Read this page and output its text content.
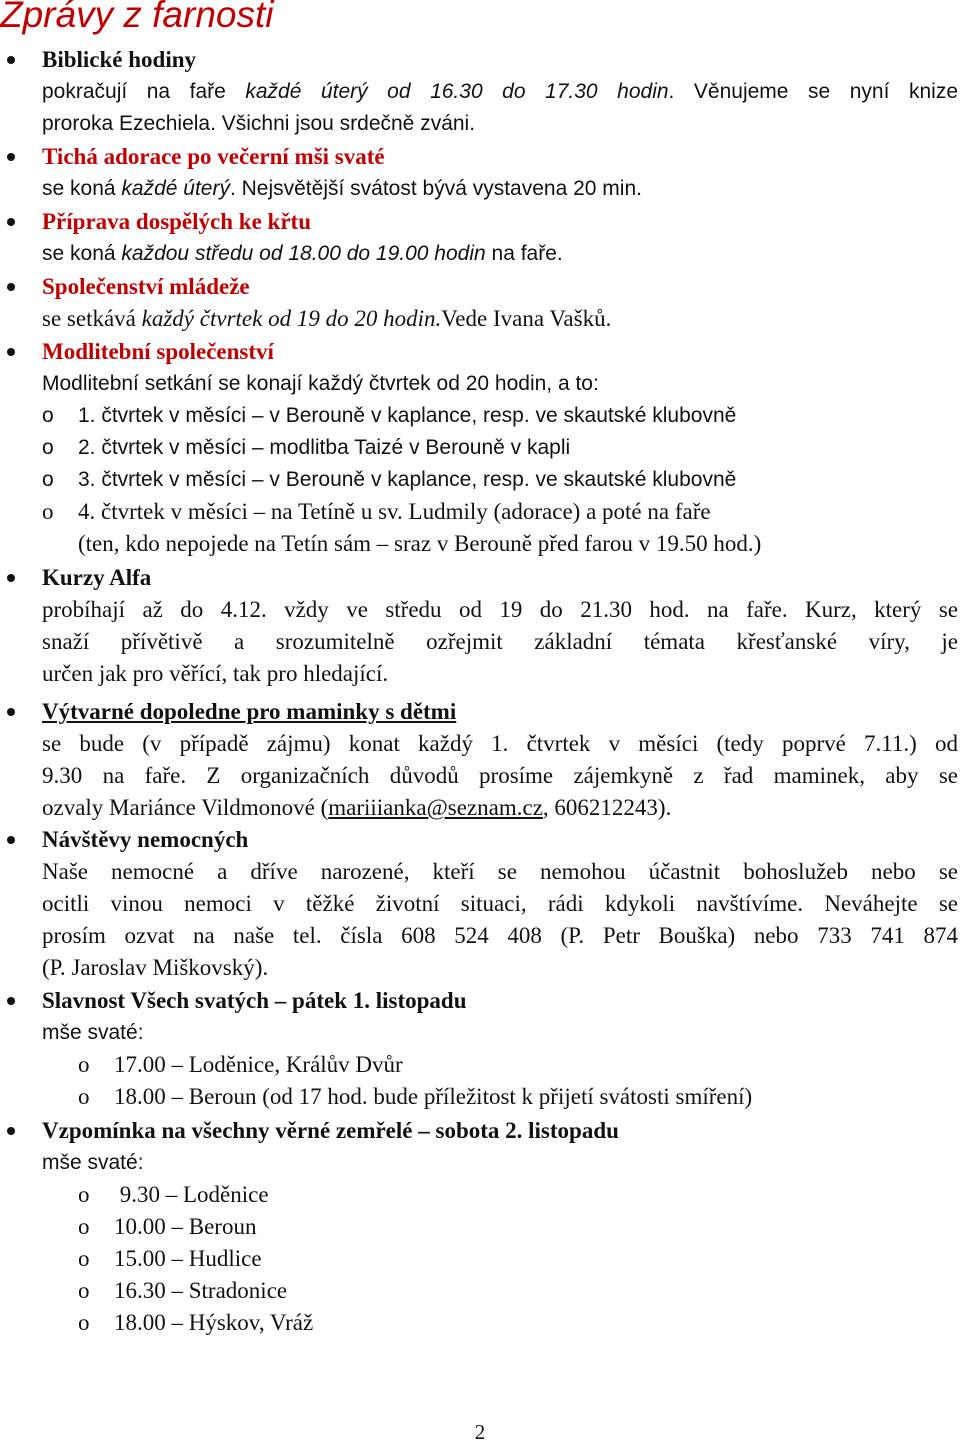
Zprávy z farnosti
Biblické hodiny
pokračují na faře každé úterý od 16.30 do 17.30 hodin. Věnujeme se nyní knize
proroka Ezechiela. Všichni jsou srdečně zváni.
Tichá adorace po večerní mši svaté
se koná každé úterý. Nejsvětější svátost bývá vystavena 20 min.
Příprava dospělých ke křtu
se koná každou středu od 18.00 do 19.00 hodin na faře.
Společenství mládeže
se setkává každý čtvrtek od 19 do 20 hodin.Vede Ivana Vašků.
Modlitební společenství
Modlitební setkání se konají každý čtvrtek od 20 hodin, a to:
o 1. čtvrtek v měsíci – v Berouně v kaplance, resp. ve skautské klubovně
o 2. čtvrtek v měsíci – modlitba Taizé v Berouně v kapli
o 3. čtvrtek v měsíci – v Berouně v kaplance, resp. ve skautské klubovně
o 4. čtvrtek v měsíci – na Tetíně u sv. Ludmily (adorace) a poté na faře
(ten, kdo nepojede na Tetín sám – sraz v Berouně před farou v 19.50 hod.)
Kurzy Alfa
probíhají až do 4.12. vždy ve středu od 19 do 21.30 hod. na faře. Kurz, který se
snaží přívětivě a srozumitelně ozřejmit základní témata křesťanské víry, je
určen jak pro věřící, tak pro hledající.
Výtvarné dopoledne pro maminky s dětmi
se bude (v případě zájmu) konat každý 1. čtvrtek v měsíci (tedy poprvé 7.11.) od
9.30 na faře. Z organizačních důvodů prosíme zájemkyně z řad maminek, aby se
ozvaly Mariánce Vildmonové (mariiianka@seznam.cz, 606212243).
Návštěvy nemocných
Naše nemocné a dříve narozené, kteří se nemohou účastnit bohoslužeb nebo se
ocitli vinou nemoci v těžké životní situaci, rádi kdykoli navštívíme. Neváhejte se
prosím ozvat na naše tel. čísla 608 524 408 (P. Petr Bouška) nebo 733 741 874
(P. Jaroslav Miškovský).
Slavnost Všech svatých – pátek 1. listopadu
mše svaté:
o 17.00 – Loděnice, Králův Dvůr
o 18.00 – Beroun (od 17 hod. bude příležitost k přijetí svátosti smíření)
Vzpomínka na všechny věrné zemřelé – sobota 2. listopadu
mše svaté:
o 9.30 – Loděnice
o 10.00 – Beroun
o 15.00 – Hudlice
o 16.30 – Stradonice
o 18.00 – Hýskov, Vráž
2
